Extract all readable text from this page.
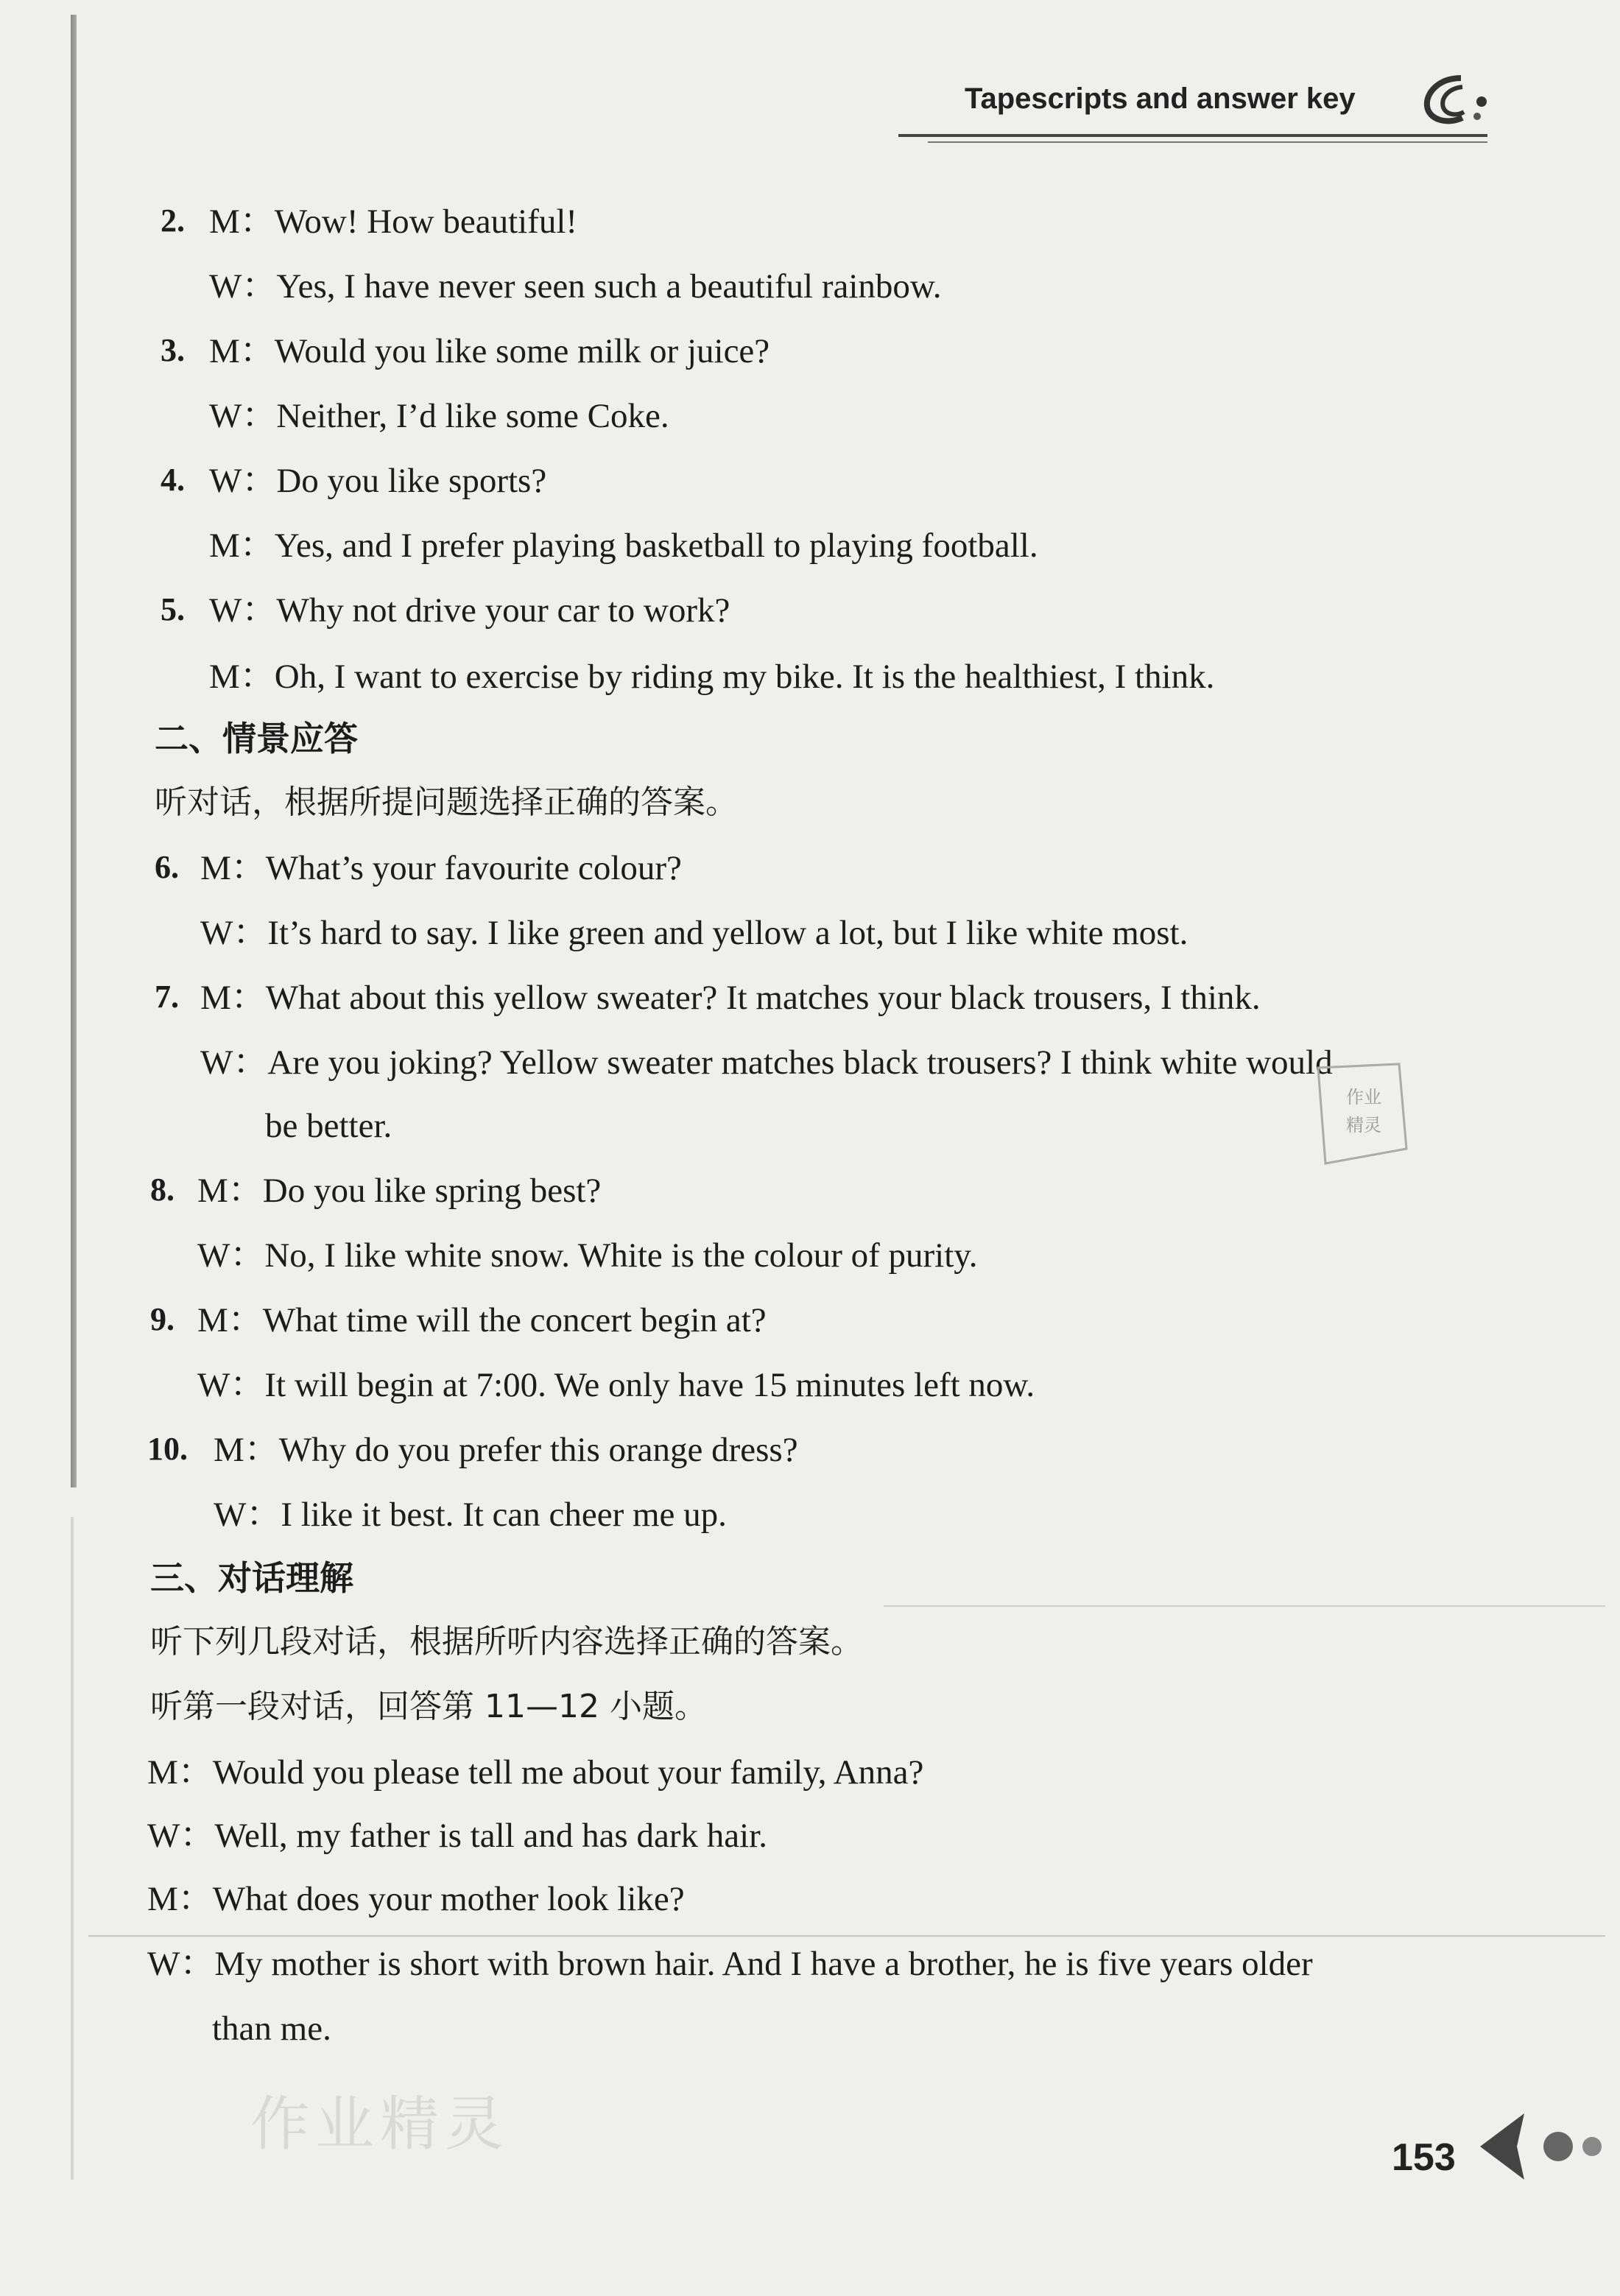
Tapescripts and answer key
2. M：Wow! How beautiful!
W：Yes, I have never seen such a beautiful rainbow.
3. M：Would you like some milk or juice?
W：Neither, I’d like some Coke.
4. W：Do you like sports?
M：Yes, and I prefer playing basketball to playing football.
5. W：Why not drive your car to work?
M：Oh, I want to exercise by riding my bike. It is the healthiest, I think.
二、情景应答
听对话，根据所提问题选择正确的答案。
6. M：What’s your favourite colour?
W：It’s hard to say. I like green and yellow a lot, but I like white most.
7. M：What about this yellow sweater? It matches your black trousers, I think.
W：Are you joking? Yellow sweater matches black trousers? I think white would
be better.
8. M：Do you like spring best?
W：No, I like white snow. White is the colour of purity.
9. M：What time will the concert begin at?
W：It will begin at 7:00. We only have 15 minutes left now.
10. M：Why do you prefer this orange dress?
W：I like it best. It can cheer me up.
三、对话理解
听下列几段对话，根据所听内容选择正确的答案。
听第一段对话，回答第 11—12 小题。
M：Would you please tell me about your family, Anna?
W：Well, my father is tall and has dark hair.
M：What does your mother look like?
W：My mother is short with brown hair. And I have a brother, he is five years older
than me.
作业
精灵
作业精灵	153
